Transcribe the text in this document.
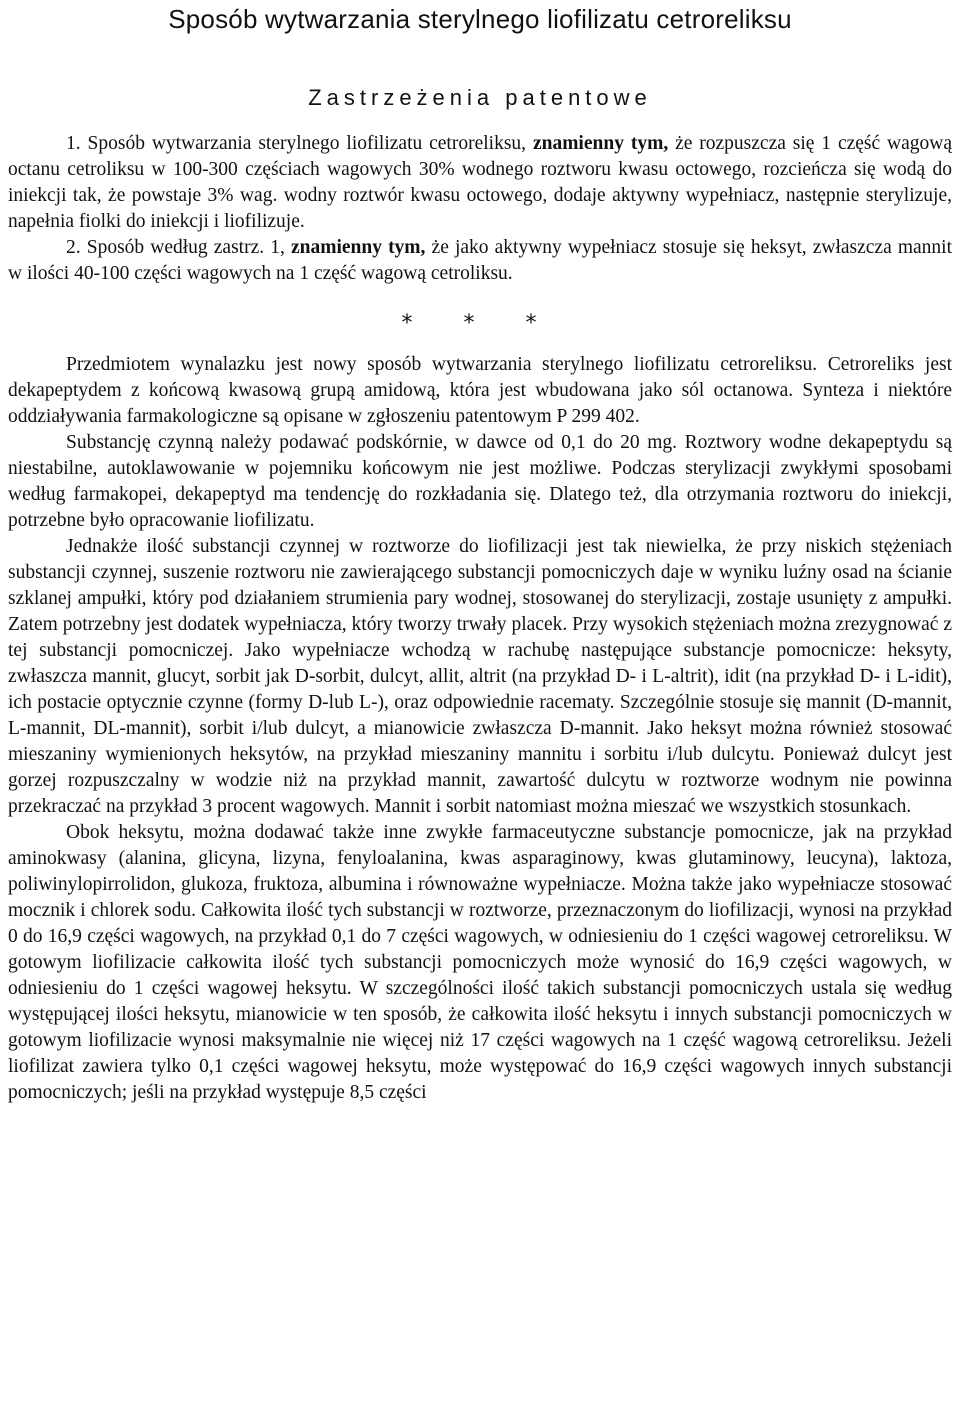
Sposób wytwarzania sterylnego liofilizatu cetroreliksu
Zastrzeżenia patentowe

1. Sposób wytwarzania sterylnego liofilizatu cetroreliksu, znamienny tym, że rozpuszcza się 1 część wagową octanu cetroliksu w 100-300 częściach wagowych 30% wodnego roztworu kwasu octowego, rozcieńcza się wodą do iniekcji tak, że powstaje 3% wag. wodny roztwór kwasu octowego, dodaje aktywny wypełniacz, następnie sterylizuje, napełnia fiolki do iniekcji i liofilizuje.

2. Sposób według zastrz. 1, znamienny tym, że jako aktywny wypełniacz stosuje się heksyt, zwłaszcza mannit w ilości 40-100 części wagowych na 1 część wagową cetroliksu.

* * *

Przedmiotem wynalazku jest nowy sposób wytwarzania sterylnego liofilizatu cetroreliksu. Cetroreliks jest dekapeptydem z końcową kwasową grupą amidową, która jest wbudowana jako sól octanowa. Synteza i niektóre oddziaływania farmakologiczne są opisane w zgłoszeniu patentowym P 299 402.

Substancję czynną należy podawać podskórnie, w dawce od 0,1 do 20 mg. Roztwory wodne dekapeptydu są niestabilne, autoklawowanie w pojemniku końcowym nie jest możliwe. Podczas sterylizacji zwykłymi sposobami według farmakopei, dekapeptyd ma tendencję do rozkładania się. Dlatego też, dla otrzymania roztworu do iniekcji, potrzebne było opracowanie liofilizatu.

Jednakże ilość substancji czynnej w roztworze do liofilizacji jest tak niewielka, że przy niskich stężeniach substancji czynnej, suszenie roztworu nie zawierającego substancji pomocniczych daje w wyniku luźny osad na ścianie szklanej ampułki, który pod działaniem strumienia pary wodnej, stosowanej do sterylizacji, zostaje usunięty z ampułki. Zatem potrzebny jest dodatek wypełniacza, który tworzy trwały placek. Przy wysokich stężeniach można zrezygnować z tej substancji pomocniczej. Jako wypełniacze wchodzą w rachubę następujące substancje pomocnicze: heksyty, zwłaszcza mannit, glucyt, sorbit jak D-sorbit, dulcyt, allit, altrit (na przykład D- i L-altrit), idit (na przykład D- i L-idit), ich postacie optycznie czynne (formy D-lub L-), oraz odpowiednie racematy. Szczególnie stosuje się mannit (D-mannit, L-mannit, DL-mannit), sorbit i/lub dulcyt, a mianowicie zwłaszcza D-mannit. Jako heksyt można również stosować mieszaniny wymienionych heksytów, na przykład mieszaniny mannitu i sorbitu i/lub dulcytu. Ponieważ dulcyt jest gorzej rozpuszczalny w wodzie niż na przykład mannit, zawartość dulcytu w roztworze wodnym nie powinna przekraczać na przykład 3 procent wagowych. Mannit i sorbit natomiast można mieszać we wszystkich stosunkach.

Obok heksytu, można dodawać także inne zwykłe farmaceutyczne substancje pomocnicze, jak na przykład aminokwasy (alanina, glicyna, lizyna, fenyloalanina, kwas asparaginowy, kwas glutaminowy, leucyna), laktoza, poliwinylopirrolidon, glukoza, fruktoza, albumina i równoważne wypełniacze. Można także jako wypełniacze stosować mocznik i chlorek sodu. Całkowita ilość tych substancji w roztworze, przeznaczonym do liofilizacji, wynosi na przykład 0 do 16,9 części wagowych, na przykład 0,1 do 7 części wagowych, w odniesieniu do 1 części wagowej cetroreliksu. W gotowym liofilizacie całkowita ilość tych substancji pomocniczych może wynosić do 16,9 części wagowych, w odniesieniu do 1 części wagowej heksytu. W szczególności ilość takich substancji pomocniczych ustala się według występującej ilości heksytu, mianowicie w ten sposób, że całkowita ilość heksytu i innych substancji pomocniczych w gotowym liofilizacie wynosi maksymalnie nie więcej niż 17 części wagowych na 1 część wagową cetroreliksu. Jeżeli liofilizat zawiera tylko 0,1 części wagowej heksytu, może występować do 16,9 części wagowych innych substancji pomocniczych; jeśli na przykład występuje 8,5 części
